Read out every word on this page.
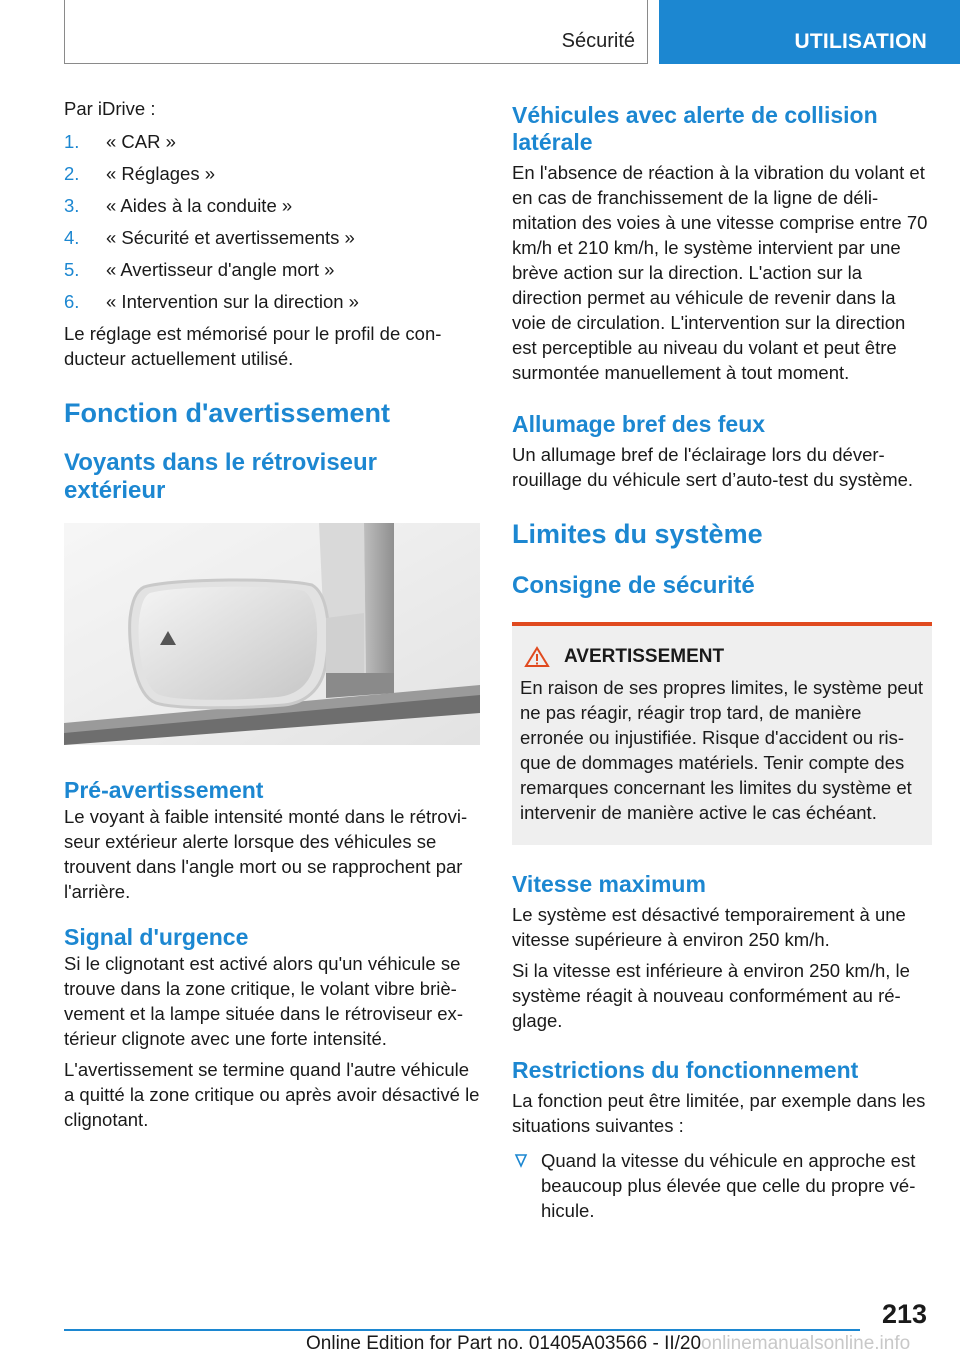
Sécurité	UTILISATION

Par iDrive :

1. « CAR »
2. « Réglages »
3. « Aides à la conduite »
4. « Sécurité et avertissements »
5. « Avertisseur d'angle mort »
6. « Intervention sur la direction »

Le réglage est mémorisé pour le profil de conducteur actuellement utilisé.

Fonction d'avertissement
Voyants dans le rétroviseur extérieur
Pré-avertissement

Le voyant à faible intensité monté dans le rétroviseur extérieur alerte lorsque des véhicules se trouvent dans l'angle mort ou se rapprochent par l'arrière.

Signal d'urgence

Si le clignotant est activé alors qu'un véhicule se trouve dans la zone critique, le volant vibre brièvement et la lampe située dans le rétroviseur extérieur clignote avec une forte intensité.

L'avertissement se termine quand l'autre véhicule a quitté la zone critique ou après avoir désactivé le clignotant.

Véhicules avec alerte de collision latérale

En l'absence de réaction à la vibration du volant et en cas de franchissement de la ligne de délimitation des voies à une vitesse comprise entre 70 km/h et 210 km/h, le système intervient par une brève action sur la direction. L'action sur la direction permet au véhicule de revenir dans la voie de circulation. L'intervention sur la direction est perceptible au niveau du volant et peut être surmontée manuellement à tout moment.

Allumage bref des feux

Un allumage bref de l'éclairage lors du déverrouillage du véhicule sert d’auto-test du système.

Limites du système
Consigne de sécurité
AVERTISSEMENT

En raison de ses propres limites, le système peut ne pas réagir, réagir trop tard, de manière erronée ou injustifiée. Risque d'accident ou risque de dommages matériels. Tenir compte des remarques concernant les limites du système et intervenir de manière active le cas échéant.

Vitesse maximum

Le système est désactivé temporairement à une vitesse supérieure à environ 250 km/h.

Si la vitesse est inférieure à environ 250 km/h, le système réagit à nouveau conformément au réglage.

Restrictions du fonctionnement

La fonction peut être limitée, par exemple dans les situations suivantes :

Quand la vitesse du véhicule en approche est beaucoup plus élevée que celle du propre véhicule.
213
Online Edition for Part no. 01405A03566 - II/20onlinemanualsonline.info
